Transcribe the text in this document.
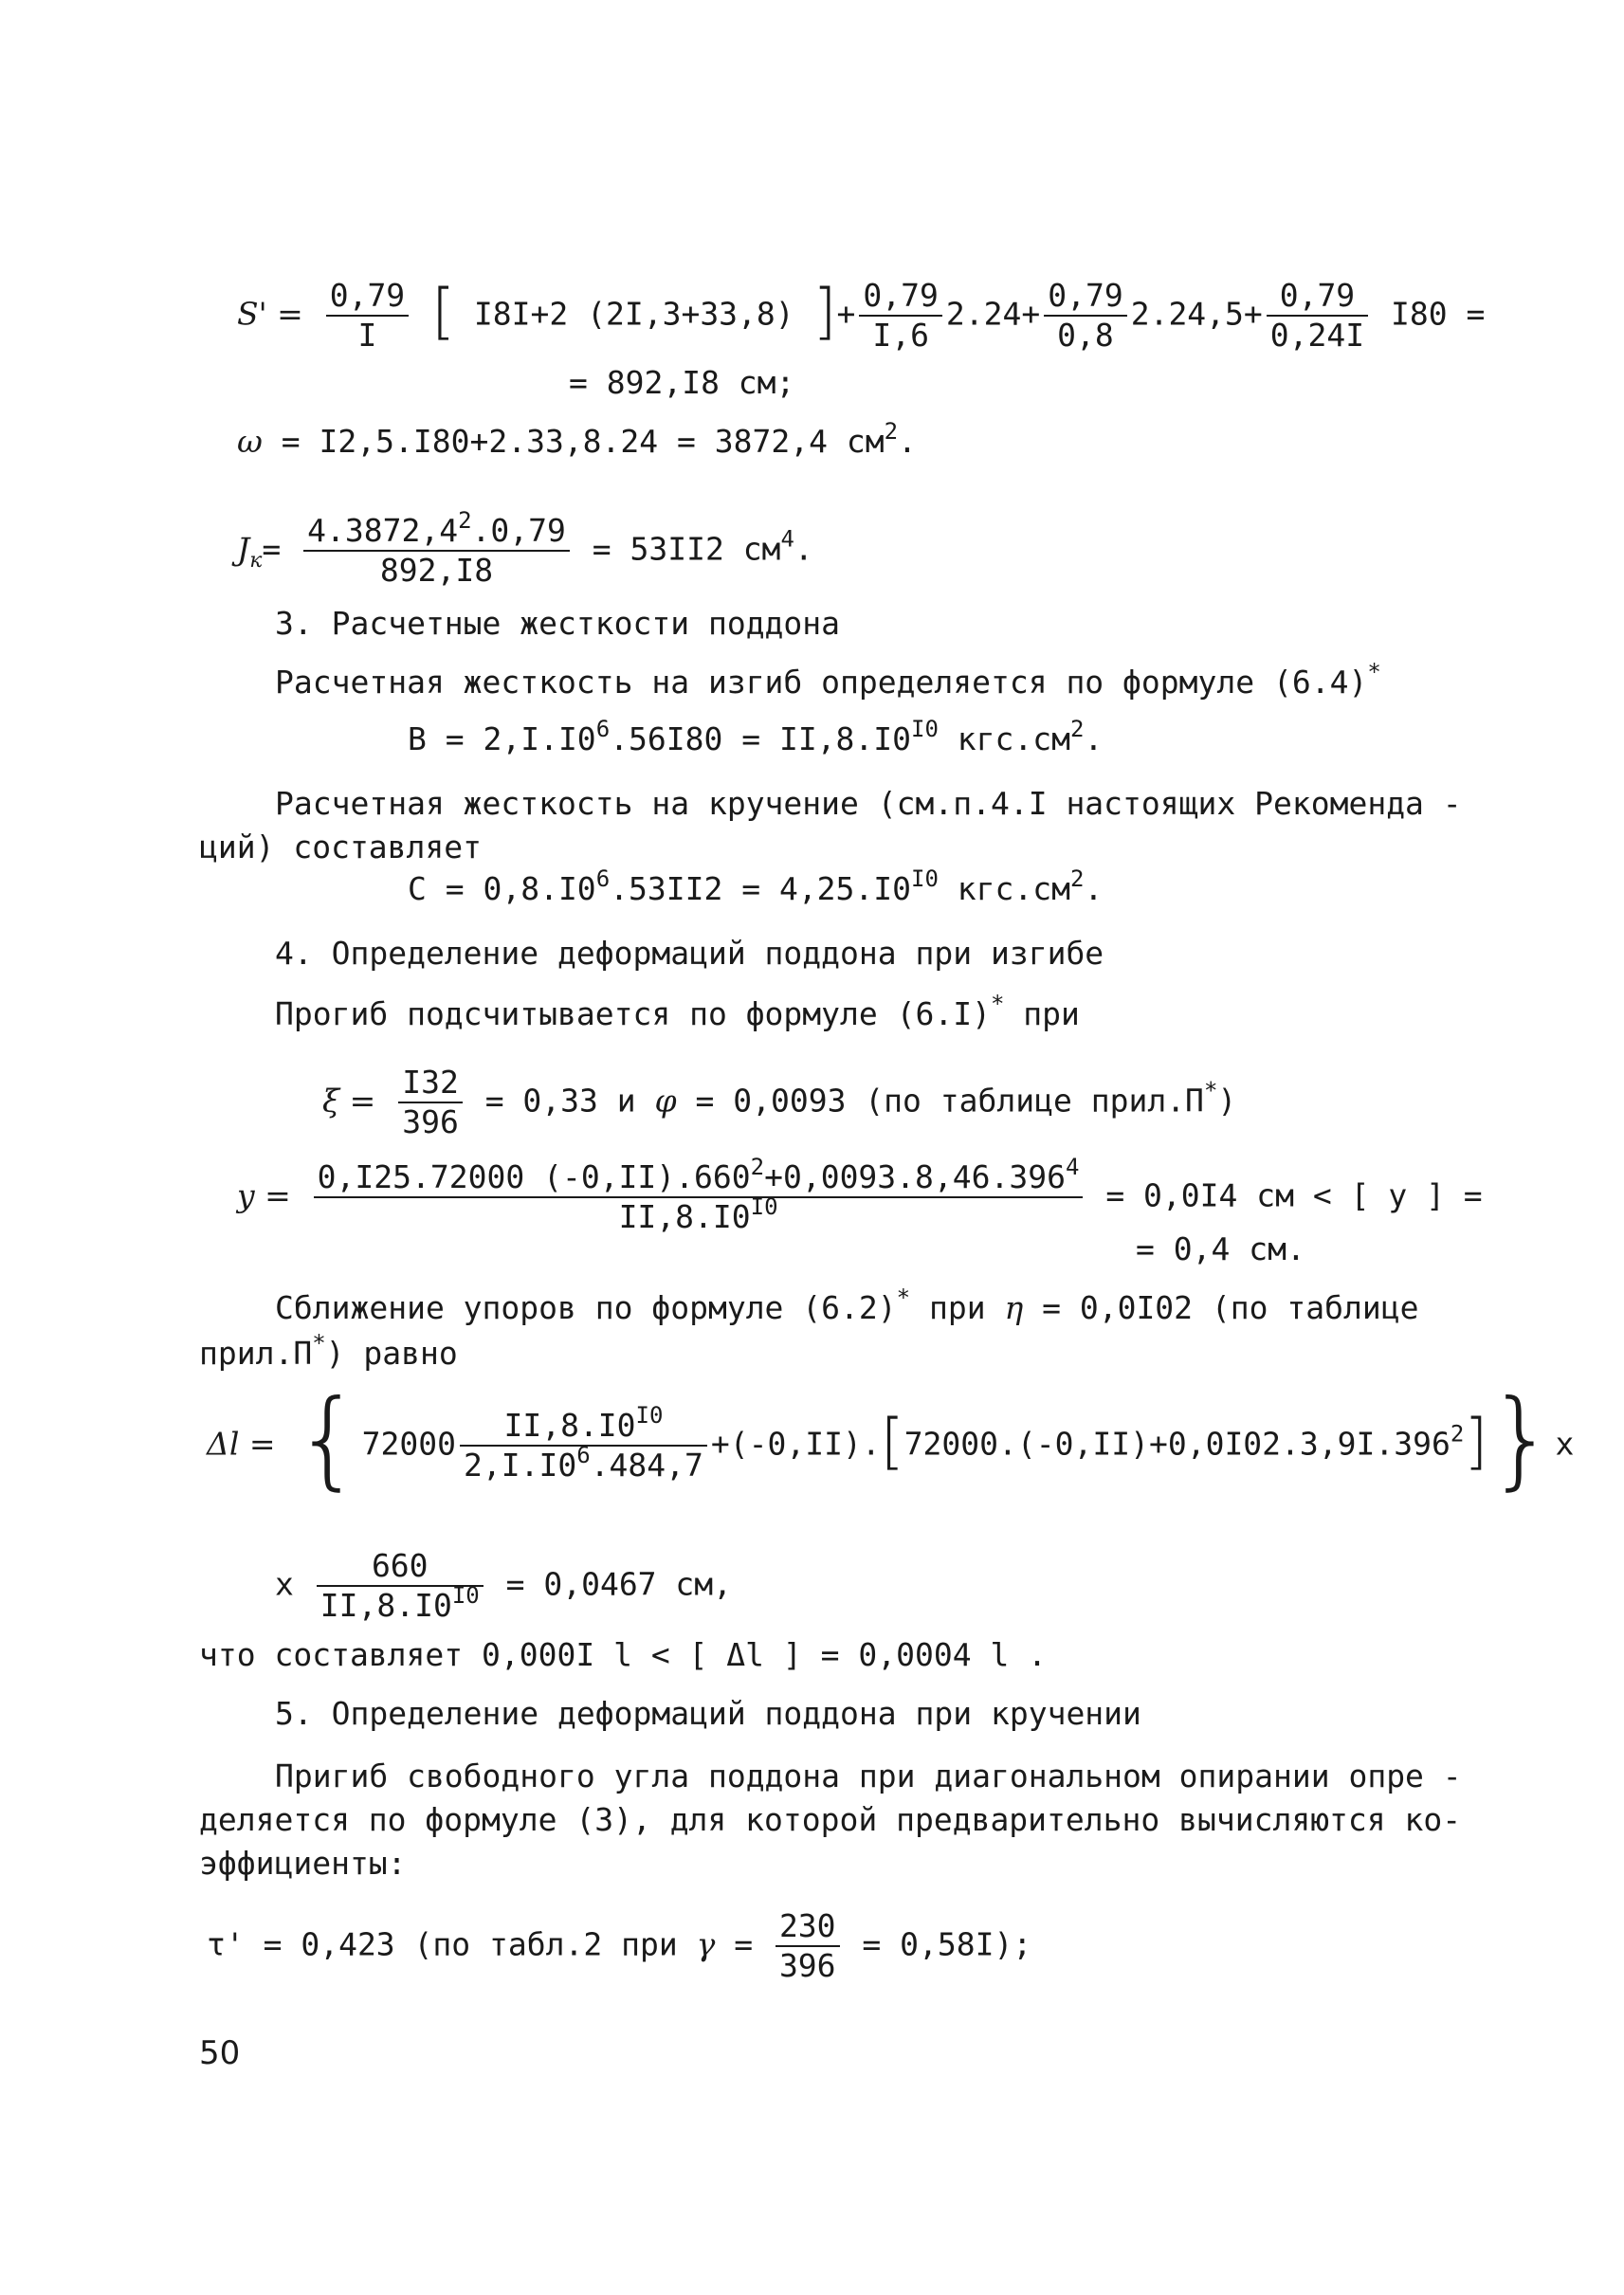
$S' = \frac{0,79}{I}$ [ I8I+2 (2I,3+33,8) ]+ $\frac{0,79}{I,6} 2.24+ \frac{0,79}{0,8} 2.24,5+ \frac{0,79}{0,24I} I80$ =
= 892,I8 см;
ω = I2,5.I80+2.33,8.24 = 3872,4 $см^2$.
$J_к= \frac{4.3872,4^2.0,79}{892,I8} = 53II2$ $см^4$.
3. Расчетные жесткости поддона
Расчетная жесткость на изгиб определяется по формуле (6.4)*
$B = 2,I.I0^6.56I80 = II,8.I0^{I0}$ $кгс.см^2$.
Расчетная жесткость на кручение (см.п.4.I настоящих Рекоменда -
ций) составляет
$C = 0,8.I0^6.53II2 = 4,25.I0^{I0}$ $кгс.см^2$.
4. Определение деформаций поддона при изгибе
Прогиб подсчитывается по формуле (6.I)* при
$\xi = \frac{I32}{396} = 0,33$ и φ = 0,0093 (по таблице прил.П*)
$y = \frac{0,I25.72000 (-0,II).660^2+0,0093.8,46.396^4}{II,8.I0^{I0}} = 0,0I4$ см < [ y ] =
= 0,4 см.
Сближение упоров по формуле (6.2)* при η = 0,0I02 (по таблице
прил.П*) равно
$\Delta l = \{72000 \frac{II,8.I0^{I0}}{2,I.I0^6.484,7} +(-0,II).[72000.(-0,II)+0,0I02.3,9I.396^2]\}x$
x $\frac{660}{II,8.I0^{I0}} = 0,0467$ см,
что составляет 0,000I l < [ Δl ] = 0,0004 l .
5. Определение деформаций поддона при кручении
Пригиб свободного угла поддона при диагональном опирании опре -
деляется по формуле (3), для которой предварительно вычисляются ко-
эффициенты:
τ' = 0,423 (по табл.2 при $\gamma = \frac{230}{396} = 0,58I$);
50
